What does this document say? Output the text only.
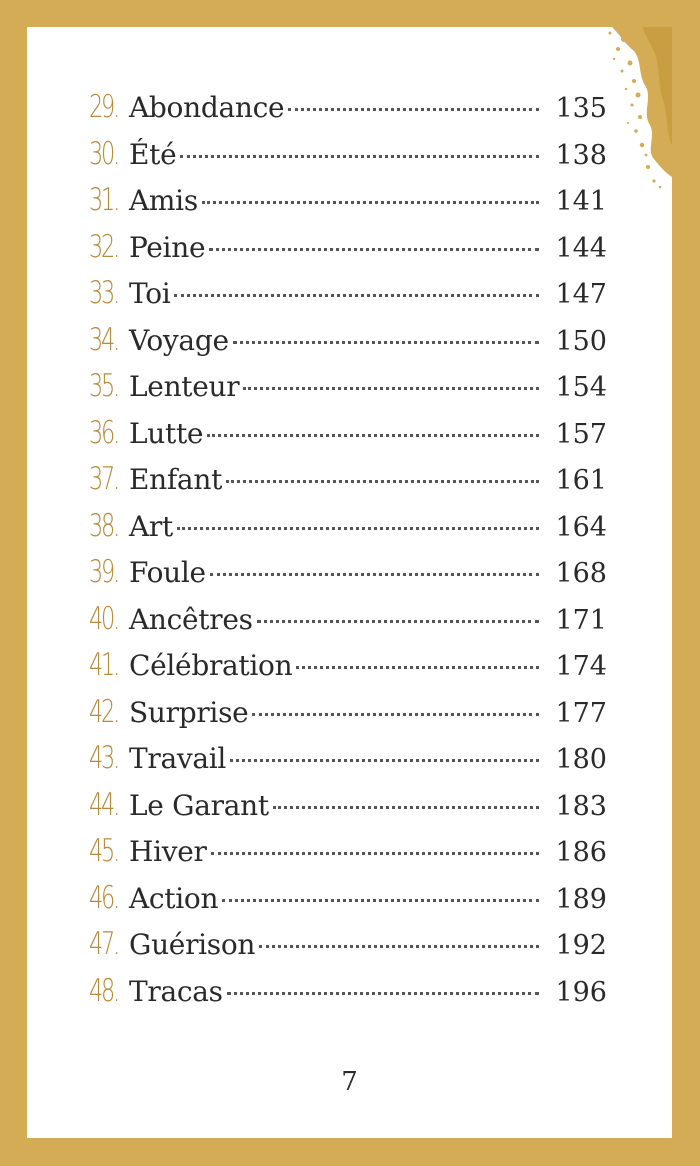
29. Abondance	135
30. Été	138
31. Amis	141
32. Peine	144
33. Toi	147
34. Voyage	150
35. Lenteur	154
36. Lutte	157
37. Enfant	161
38. Art	164
39. Foule	168
40. Ancêtres	171
41. Célébration	174
42. Surprise	177
43. Travail	180
44. Le Garant	183
45. Hiver	186
46. Action	189
47. Guérison	192
48. Tracas	196
7
